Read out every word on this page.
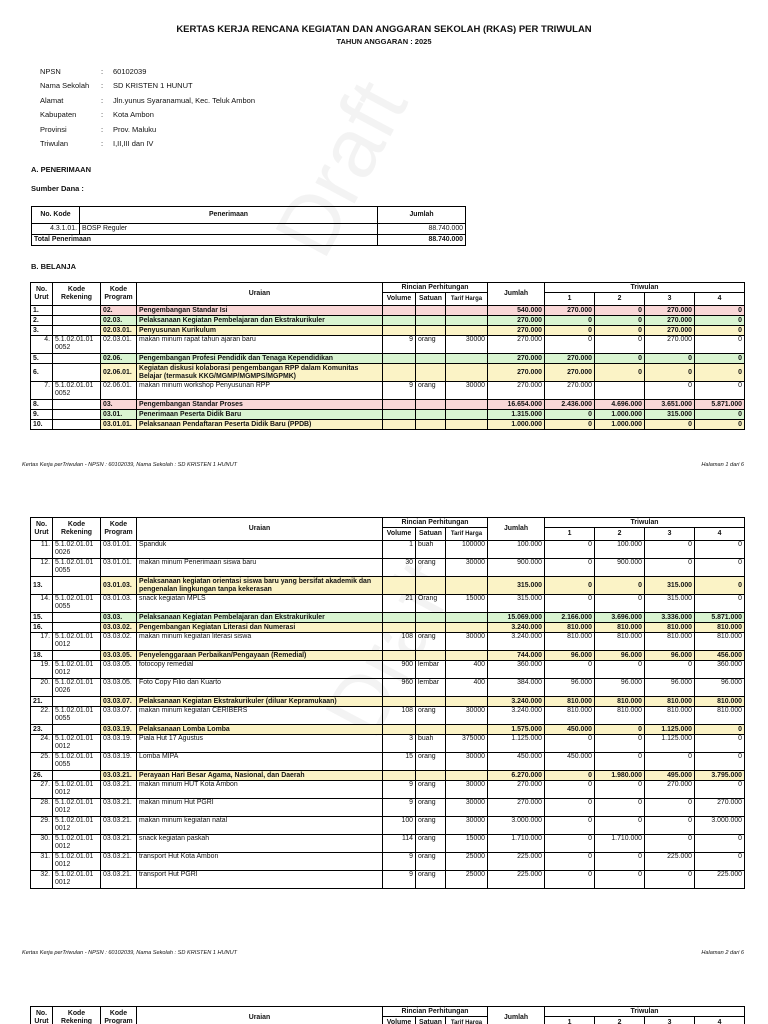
KERTAS KERJA RENCANA KEGIATAN DAN ANGGARAN SEKOLAH (RKAS) PER TRIWULAN
TAHUN ANGGARAN : 2025
NPSN	:	60102039
Nama Sekolah	:	SD KRISTEN 1 HUNUT
Alamat	:	Jln.yunus Syaranamual, Kec. Teluk Ambon
Kabupaten	:	Kota Ambon
Provinsi	:	Prov. Maluku
Triwulan	:	I,II,III dan IV
A. PENERIMAAN
Sumber Dana :
No. Kode	Penerimaan	Jumlah
4.3.1.01.	BOSP Reguler	88.740.000
Total Penerimaan		88.740.000
B. BELANJA
No. Urut	Kode Rekening	Kode Program	Uraian	Rincian Perhitungan			Jumlah	Triwulan			
				Volume	Satuan	Tarif Harga		1	2	3	4
1.		02.	Pengembangan Standar Isi				540.000	270.000	0	270.000	0
2.		02.03.	Pelaksanaan Kegiatan Pembelajaran dan Ekstrakurikuler				270.000	0	0	270.000	0
3.		02.03.01.	Penyusunan Kurikulum				270.000	0	0	270.000	0
4.	5.1.02.01.01 0052	02.03.01.	makan minum rapat tahun ajaran baru	9	orang	30000	270.000	0	0	270.000	0
5.		02.06.	Pengembangan Profesi Pendidik dan Tenaga Kependidikan				270.000	270.000	0	0	0
6.		02.06.01.	Kegiatan diskusi kolaborasi pengembangan RPP dalam Komunitas Belajar (termasuk KKG/MGMP/MGMPS/MGPMK)				270.000	270.000	0	0	0
7.	5.1.02.01.01 0052	02.06.01.	makan minum workshop Penyusunan RPP	9	orang	30000	270.000	270.000		0	0
8.		03.	Pengembangan Standar Proses				16.654.000	2.436.000	4.696.000	3.651.000	5.871.000
9.		03.01.	Penerimaan Peserta Didik Baru				1.315.000	0	1.000.000	315.000	0
10.		03.01.01.	Pelaksanaan Pendaftaran Peserta Didik Baru (PPDB)				1.000.000	0	1.000.000	0	0
Kertas Kerja perTriwulan - NPSN : 60102039, Nama Sekolah : SD KRISTEN 1 HUNUT	Halaman 1 dari 6
No. Urut	Kode Rekening	Kode Program	Uraian	Rincian Perhitungan			Jumlah	Triwulan			
				Volume	Satuan	Tarif Harga		1	2	3	4
11.	5.1.02.01.01 0026	03.01.01.	Spanduk	1	buah	100000	100.000	0	100.000	0	0
12.	5.1.02.01.01 0055	03.01.01.	makan minum Penerimaan siswa baru	30	orang	30000	900.000	0	900.000	0	0
13.		03.01.03.	Pelaksanaan kegiatan orientasi siswa baru yang bersifat akademik dan pengenalan lingkungan tanpa kekerasan				315.000	0	0	315.000	0
14.	5.1.02.01.01 0055	03.01.03.	snack kegiatan MPLS	21	Orang	15000	315.000	0	0	315.000	0
15.		03.03.	Pelaksanaan Kegiatan Pembelajaran dan Ekstrakurikuler				15.069.000	2.166.000	3.696.000	3.336.000	5.871.000
16.		03.03.02.	Pengembangan Kegiatan Literasi dan Numerasi				3.240.000	810.000	810.000	810.000	810.000
17.	5.1.02.01.01 0012	03.03.02.	makan minum kegiatan literasi siswa	108	orang	30000	3.240.000	810.000	810.000	810.000	810.000
18.		03.03.05.	Penyelenggaraan Perbaikan/Pengayaan (Remedial)				744.000	96.000	96.000	96.000	456.000
19.	5.1.02.01.01 0012	03.03.05.	fotocopy remedial	900	lembar	400	360.000	0	0	0	360.000
20.	5.1.02.01.01 0026	03.03.05.	Foto Copy Filio dan Kuarto	960	lembar	400	384.000	96.000	96.000	96.000	96.000
21.		03.03.07.	Pelaksanaan Kegiatan Ekstrakurikuler (diluar Kepramukaan)				3.240.000	810.000	810.000	810.000	810.000
22.	5.1.02.01.01 0055	03.03.07.	makan minum kegiatan CERIBERS	108	orang	30000	3.240.000	810.000	810.000	810.000	810.000
23.		03.03.19.	Pelaksanaan Lomba Lomba				1.575.000	450.000	0	1.125.000	0
24.	5.1.02.01.01 0012	03.03.19.	Piala Hut 17 Agustus	3	buah	375000	1.125.000	0	0	1.125.000	0
25.	5.1.02.01.01 0055	03.03.19.	Lomba MIPA	15	orang	30000	450.000	450.000	0	0	0
26.		03.03.21.	Perayaan Hari Besar Agama, Nasional, dan Daerah				6.270.000	0	1.980.000	495.000	3.795.000
27.	5.1.02.01.01 0012	03.03.21.	makan minum HUT Kota Ambon	9	orang	30000	270.000	0	0	270.000	0
28.	5.1.02.01.01 0012	03.03.21.	makan minum Hut PGRI	9	orang	30000	270.000	0	0	0	270.000
29.	5.1.02.01.01 0012	03.03.21.	makan minum kegiatan natal	100	orang	30000	3.000.000	0	0	0	3.000.000
30.	5.1.02.01.01 0012	03.03.21.	snack kegiatan paskah	114	orang	15000	1.710.000	0	1.710.000	0	0
31.	5.1.02.01.01 0012	03.03.21.	transport Hut Kota Ambon	9	orang	25000	225.000	0	0	225.000	0
32.	5.1.02.01.01 0012	03.03.21.	transport Hut PGRI	9	orang	25000	225.000	0	0	0	225.000
Kertas Kerja perTriwulan - NPSN : 60102039, Nama Sekolah : SD KRISTEN 1 HUNUT	Halaman 2 dari 6
No. Urut	Kode Rekening	Kode Program	Uraian	Rincian Perhitungan			Jumlah	Triwulan			
				Volume	Satuan	Tarif Harga		1	2	3	4
